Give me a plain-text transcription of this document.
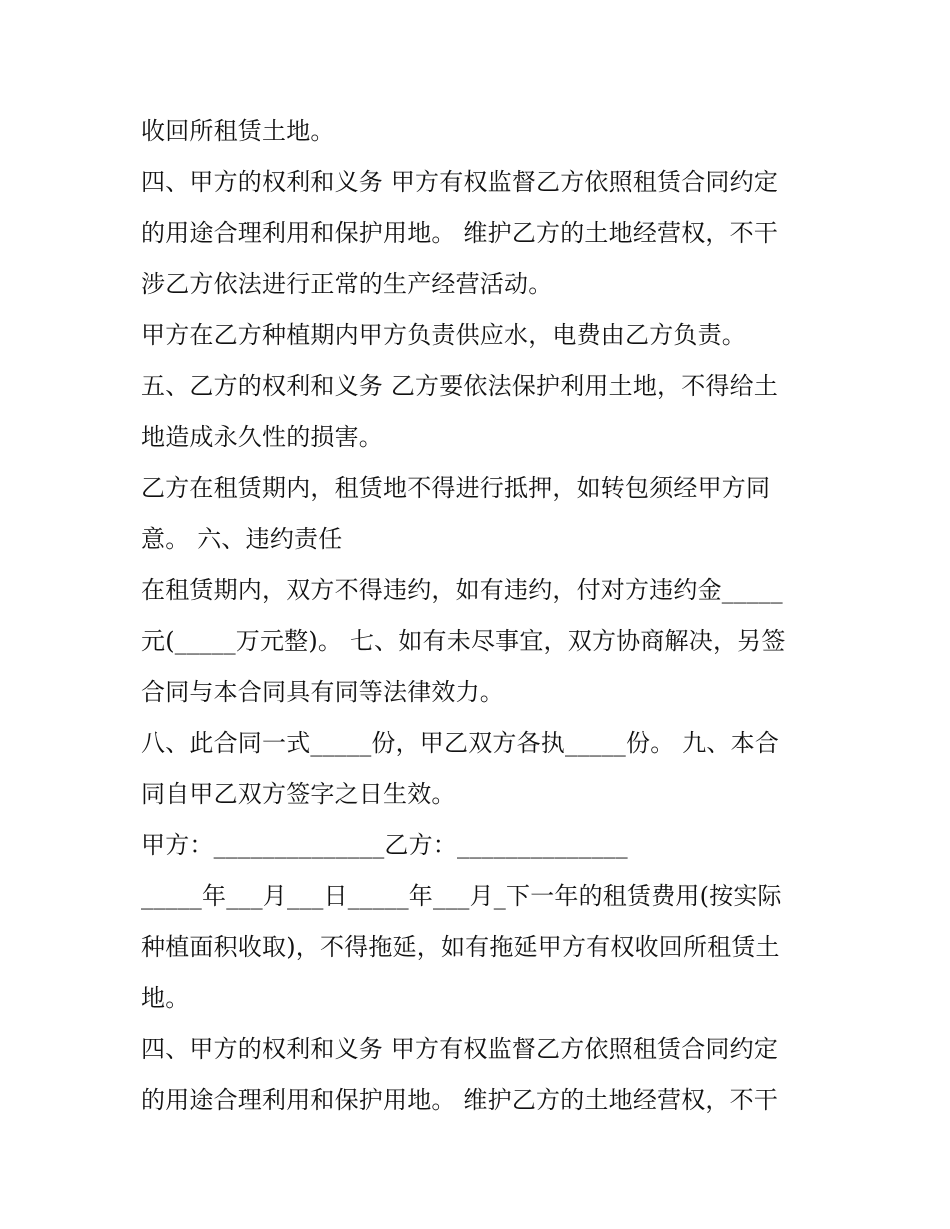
收回所租赁土地。
四、甲方的权利和义务 甲方有权监督乙方依照租赁合同约定
的用途合理利用和保护用地。 维护乙方的土地经营权，不干
涉乙方依法进行正常的生产经营活动。
甲方在乙方种植期内甲方负责供应水，电费由乙方负责。
五、乙方的权利和义务 乙方要依法保护利用土地，不得给土
地造成永久性的损害。
乙方在租赁期内，租赁地不得进行抵押，如转包须经甲方同
意。 六、违约责任
在租赁期内，双方不得违约，如有违约，付对方违约金_____
元(_____万元整)。 七、如有未尽事宜，双方协商解决，另签
合同与本合同具有同等法律效力。
八、此合同一式_____份，甲乙双方各执_____份。 九、本合
同自甲乙双方签字之日生效。
甲方：______________乙方：______________
_____年___月___日_____年___月_下一年的租赁费用(按实际
种植面积收取)，不得拖延，如有拖延甲方有权收回所租赁土
地。
四、甲方的权利和义务 甲方有权监督乙方依照租赁合同约定
的用途合理利用和保护用地。 维护乙方的土地经营权，不干
